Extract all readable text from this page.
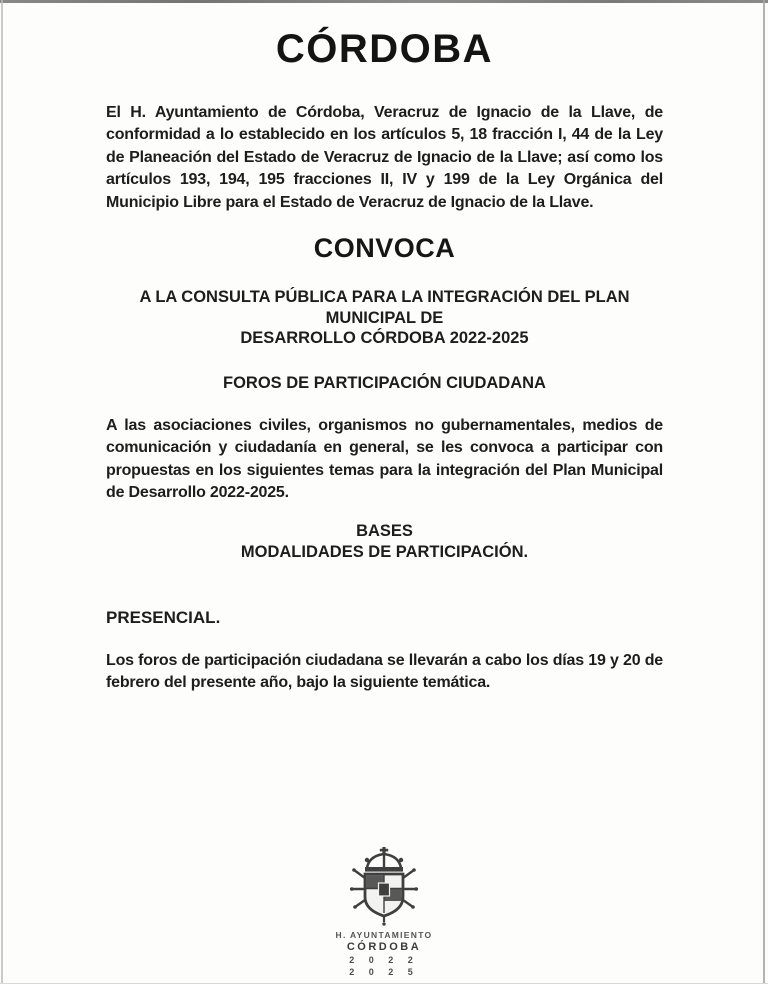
CÓRDOBA

El H. Ayuntamiento de Córdoba, Veracruz de Ignacio de la Llave, de conformidad a lo establecido en los artículos 5, 18 fracción I, 44 de la Ley de Planeación del Estado de Veracruz de Ignacio de la Llave; así como los artículos 193, 194, 195 fracciones II, IV y 199 de la Ley Orgánica del Municipio Libre para el Estado de Veracruz de Ignacio de la Llave.

CONVOCA
A LA CONSULTA PÚBLICA PARA LA INTEGRACIÓN DEL PLAN MUNICIPAL DE
DESARROLLO CÓRDOBA 2022-2025
FOROS DE PARTICIPACIÓN CIUDADANA

A las asociaciones civiles, organismos no gubernamentales, medios de comunicación y ciudadanía en general, se les convoca a participar con propuestas en los siguientes temas para la integración del Plan Municipal de Desarrollo 2022-2025.

BASES
MODALIDADES DE PARTICIPACIÓN.
PRESENCIAL.

Los foros de participación ciudadana se llevarán a cabo los días 19 y 20 de febrero del presente año, bajo la siguiente temática.

H. AYUNTAMIENTO
CÓRDOBA
2 0 2 2
2 0 2 5
